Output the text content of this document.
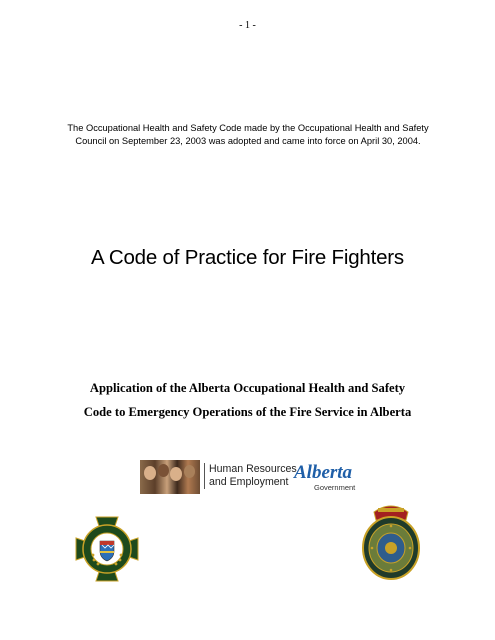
- 1 -
The Occupational Health and Safety Code made by the Occupational Health and Safety Council on September 23, 2003 was adopted and came into force on April 30, 2004.
A Code of Practice for Fire Fighters
Application of the Alberta Occupational Health and Safety
Code to Emergency Operations of the Fire Service in Alberta
Human Resources
and Employment Alberta
Government
